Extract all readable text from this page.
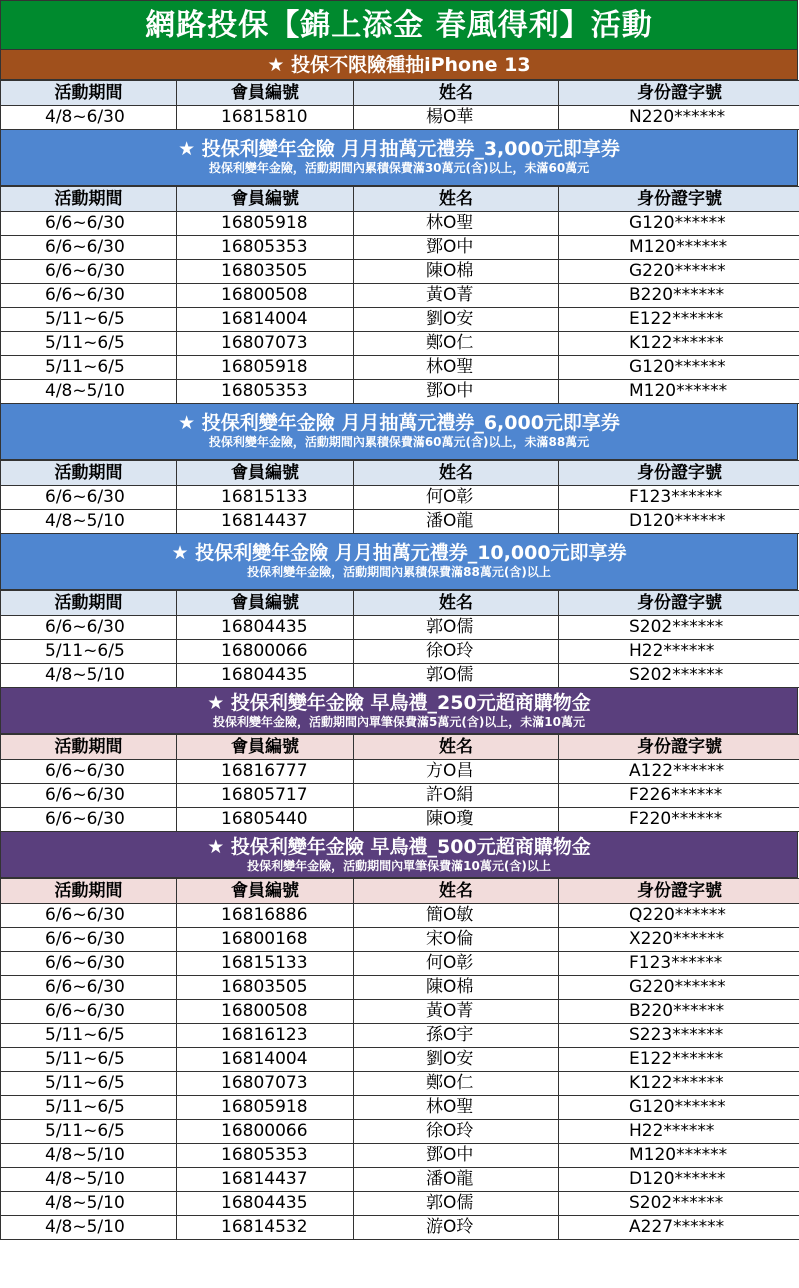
網路投保【錦上添金 春風得利】活動
★ 投保不限險種抽iPhone 13
活動期間	會員編號	姓名	身份證字號
4/8~6/30	16815810	楊O華	N220******
★ 投保利變年金險 月月抽萬元禮券_3,000元即享券
投保利變年金險，活動期間內累積保費滿30萬元(含)以上，未滿60萬元
活動期間	會員編號	姓名	身份證字號
6/6~6/30	16805918	林O聖	G120******
6/6~6/30	16805353	鄧O中	M120******
6/6~6/30	16803505	陳O棉	G220******
6/6~6/30	16800508	黃O菁	B220******
5/11~6/5	16814004	劉O安	E122******
5/11~6/5	16807073	鄭O仁	K122******
5/11~6/5	16805918	林O聖	G120******
4/8~5/10	16805353	鄧O中	M120******
★ 投保利變年金險 月月抽萬元禮券_6,000元即享券
投保利變年金險，活動期間內累積保費滿60萬元(含)以上，未滿88萬元
活動期間	會員編號	姓名	身份證字號
6/6~6/30	16815133	何O彰	F123******
4/8~5/10	16814437	潘O龍	D120******
★ 投保利變年金險 月月抽萬元禮券_10,000元即享券
投保利變年金險，活動期間內累積保費滿88萬元(含)以上
活動期間	會員編號	姓名	身份證字號
6/6~6/30	16804435	郭O儒	S202******
5/11~6/5	16800066	徐O玲	H22******
4/8~5/10	16804435	郭O儒	S202******
★ 投保利變年金險 早鳥禮_250元超商購物金
投保利變年金險，活動期間內單筆保費滿5萬元(含)以上，未滿10萬元
活動期間	會員編號	姓名	身份證字號
6/6~6/30	16816777	方O昌	A122******
6/6~6/30	16805717	許O絹	F226******
6/6~6/30	16805440	陳O瓊	F220******
★ 投保利變年金險 早鳥禮_500元超商購物金
投保利變年金險，活動期間內單筆保費滿10萬元(含)以上
活動期間	會員編號	姓名	身份證字號
6/6~6/30	16816886	簡O敏	Q220******
6/6~6/30	16800168	宋O倫	X220******
6/6~6/30	16815133	何O彰	F123******
6/6~6/30	16803505	陳O棉	G220******
6/6~6/30	16800508	黃O菁	B220******
5/11~6/5	16816123	孫O宇	S223******
5/11~6/5	16814004	劉O安	E122******
5/11~6/5	16807073	鄭O仁	K122******
5/11~6/5	16805918	林O聖	G120******
5/11~6/5	16800066	徐O玲	H22******
4/8~5/10	16805353	鄧O中	M120******
4/8~5/10	16814437	潘O龍	D120******
4/8~5/10	16804435	郭O儒	S202******
4/8~5/10	16814532	游O玲	A227******
